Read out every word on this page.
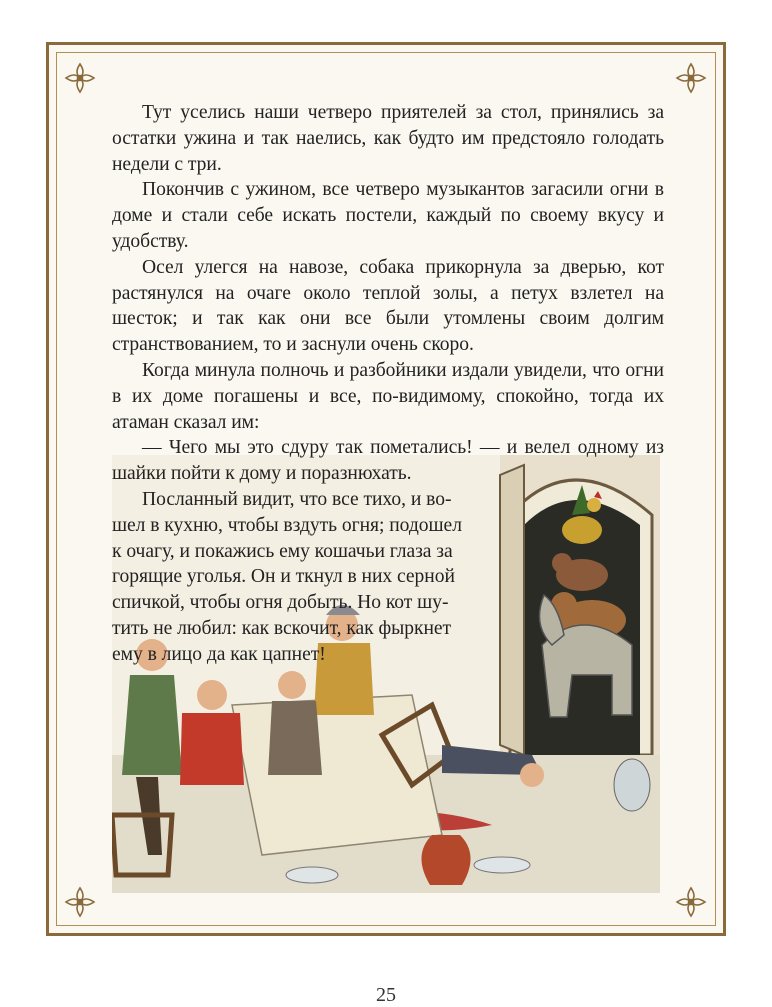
Тут уселись наши четверо приятелей за стол, принялись за остатки ужина и так наелись, как будто им предстояло голодать недели с три.

Покончив с ужином, все четверо музыкантов загасили огни в доме и стали себе искать постели, каждый по своему вкусу и удобству.

Осел улегся на навозе, собака прикорнула за дверью, кот растянулся на очаге около теплой золы, а петух взлетел на шесток; и так как они все были утомлены своим долгим странствованием, то и заснули очень скоро.

Когда минула полночь и разбойники издали увидели, что огни в их доме погашены и все, по-видимому, спокойно, тогда их атаман сказал им:

— Чего мы это сдуру так пометались! — и велел одному из шайки пойти к дому и поразнюхать.

Посланный видит, что все тихо, и во-
шел в кухню, чтобы вздуть огня; подошел
к очагу, и покажись ему кошачьи глаза за
горящие уголья. Он и ткнул в них серной
спичкой, чтобы огня добыть. Но кот шу-
тить не любил: как вскочит, как фыркнет
ему в лицо да как цапнет!
25
